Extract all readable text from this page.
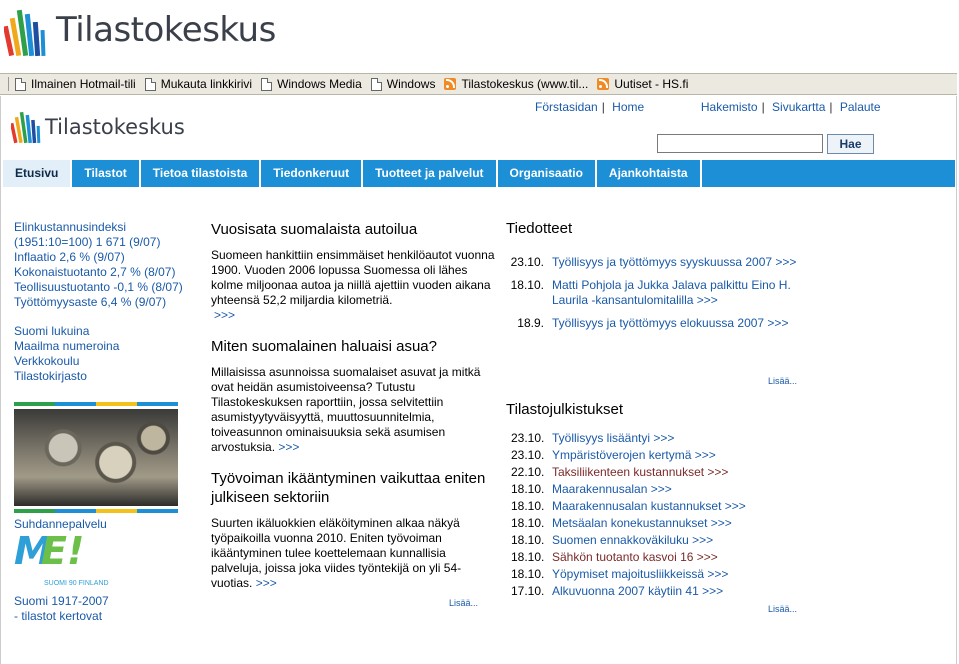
Tilastokeskus
Ilmainen Hotmail-tili Mukauta linkkirivi Windows Media Windows Tilastokeskus (www.til... Uutiset - HS.fi
Tilastokeskus
Förstasidan | Home	Hakemisto | Sivukartta | Palaute
Hae
Etusivu	Tilastot	Tietoa tilastoista	Tiedonkeruut	Tuotteet ja palvelut	Organisaatio	Ajankohtaista
Elinkustannusindeksi
(1951:10=100) 1 671 (9/07)
Inflaatio 2,6 % (9/07)
Kokonaistuotanto 2,7 % (8/07)
Teollisuustuotanto -0,1 % (8/07)
Työttömyysaste 6,4 % (9/07)
Suomi lukuina
Maailma numeroina
Verkkokoulu
Tilastokirjasto
Suhdannepalvelu
M
E!
SUOMI 90 FINLAND
Suomi 1917-2007
- tilastot kertovat
Vuosisata suomalaista autoilua

Suomeen hankittiin ensimmäiset henkilöautot vuonna 1900. Vuoden 2006 lopussa Suomessa oli lähes kolme miljoonaa autoa ja niillä ajettiin vuoden aikana yhteensä 52,2 miljardia kilometriä.
>>>

Miten suomalainen haluaisi asua?

Millaisissa asunnoissa suomalaiset asuvat ja mitkä ovat heidän asumistoiveensa? Tutustu Tilastokeskuksen raporttiin, jossa selvitettiin asumistyytyväisyyttä, muuttosuunnitelmia, toiveasunnon ominaisuuksia sekä asumisen arvostuksia. >>>

Työvoiman ikääntyminen vaikuttaa eniten julkiseen sektoriin

Suurten ikäluokkien eläköityminen alkaa näkyä työpaikoilla vuonna 2010. Eniten työvoiman ikääntyminen tulee koettelemaan kunnallisia palveluja, joissa joka viides työntekijä on yli 54-vuotias. >>>

Lisää...
Tiedotteet
23.10. Työllisyys ja työttömyys syyskuussa 2007 >>>
18.10. Matti Pohjola ja Jukka Jalava palkittu Eino H. Laurila -kansantulomitalilla >>>
18.9. Työllisyys ja työttömyys elokuussa 2007 >>>
Lisää...
Tilastojulkistukset
23.10. Työllisyys lisääntyi >>>
23.10. Ympäristöverojen kertymä >>>
22.10. Taksiliikenteen kustannukset >>>
18.10. Maarakennusalan >>>
18.10. Maarakennusalan kustannukset >>>
18.10. Metsäalan konekustannukset >>>
18.10. Suomen ennakkoväkiluku >>>
18.10. Sähkön tuotanto kasvoi 16 >>>
18.10. Yöpymiset majoitusliikkeissä >>>
17.10. Alkuvuonna 2007 käytiin 41 >>>
Lisää...
